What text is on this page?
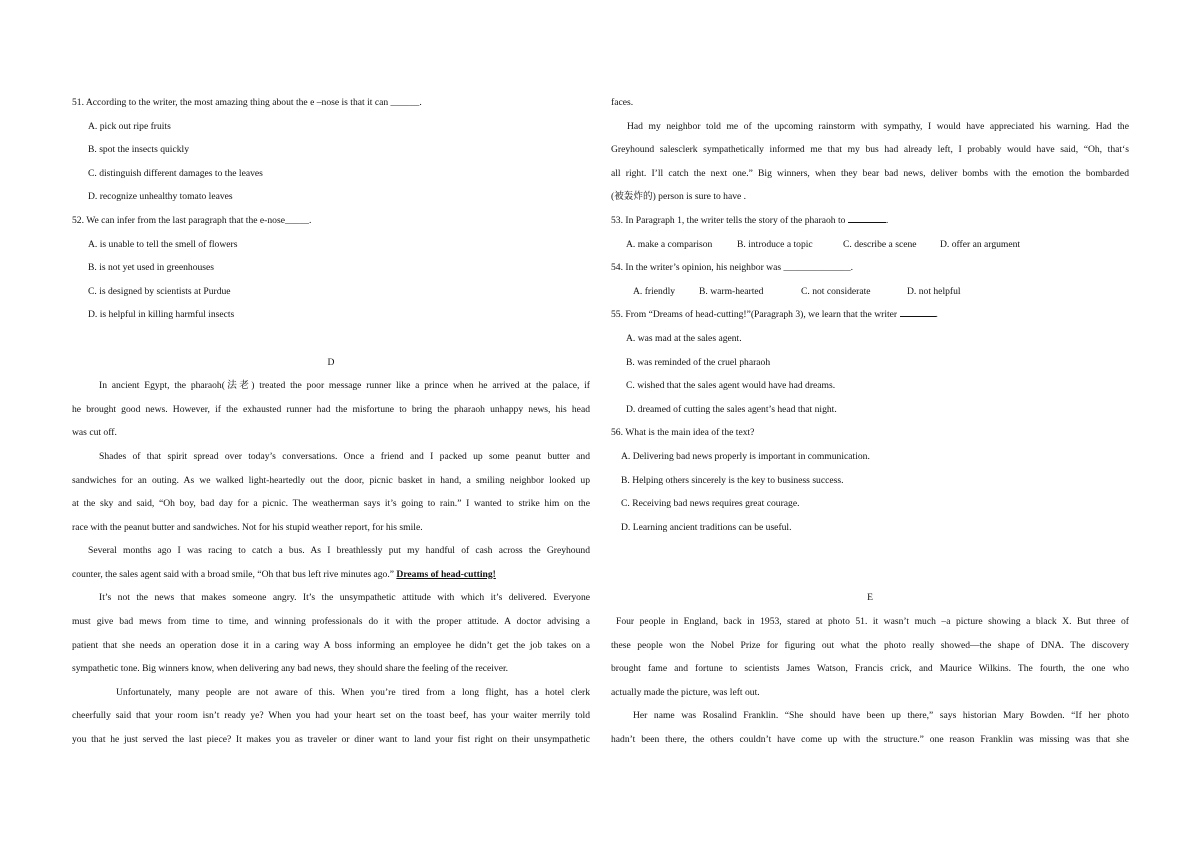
51. According to the writer, the most amazing thing about the e –nose is that it can ______.
A. pick out ripe fruits
B. spot the insects quickly
C. distinguish different damages to the leaves
D. recognize unhealthy tomato leaves
52. We can infer from the last paragraph that the e-nose_____.
A. is unable to tell the smell of flowers
B. is not yet used in greenhouses
C. is designed by scientists at Purdue
D. is helpful in killing harmful insects
D
In ancient Egypt, the pharaoh(法老) treated the poor message runner like a prince when he arrived at the palace, if
he brought good news. However, if the exhausted runner had the misfortune to bring the pharaoh unhappy news, his head
was cut off.
Shades of that spirit spread over today’s conversations. Once a friend and I packed up some peanut butter and
sandwiches for an outing. As we walked light-heartedly out the door, picnic basket in hand, a smiling neighbor looked up
at the sky and said, “Oh boy, bad day for a picnic. The weatherman says it’s going to rain.” I wanted to strike him on the
race with the peanut butter and sandwiches. Not for his stupid weather report, for his smile.
Several months ago I was racing to catch a bus. As I breathlessly put my handful of cash across the Greyhound
counter, the sales agent said with a broad smile, “Oh that bus left rive minutes ago.” Dreams of head-cutting!
It’s not the news that makes someone angry. It’s the unsympathetic attitude with which it’s delivered. Everyone
must give bad mews from time to time, and winning professionals do it with the proper attitude. A doctor advising a
patient that she needs an operation dose it in a caring way A boss informing an employee he didn’t get the job takes on a
sympathetic tone. Big winners know, when delivering any bad news, they should share the feeling of the receiver.
Unfortunately, many people are not aware of this. When you’re tired from a long flight, has a hotel clerk
cheerfully said that your room isn’t ready ye? When you had your heart set on the toast beef, has your waiter merrily told
you that he just served the last piece? It makes you as traveler or diner want to land your fist right on their unsympathetic
faces.
Had my neighbor told me of the upcoming rainstorm with sympathy, I would have appreciated his warning. Had the
Greyhound salesclerk sympathetically informed me that my bus had already left, I probably would have said, “Oh, that‘s
all right. I’ll catch the next one.” Big winners, when they bear bad news, deliver bombs with the emotion the bombarded
(被轰炸的) person is sure to have .
53. In Paragraph 1, the writer tells the story of the pharaoh to	.
A. make a comparison	B. introduce a topic	C. describe a scene D. offer an argument
54. In the writer’s opinion, his neighbor was ______________.
A. friendly B. warm-hearted	C. not considerate	D. not helpful
55. From “Dreams of head-cutting!”(Paragraph 3), we learn that the writer	.
A. was mad at the sales agent.
B. was reminded of the cruel pharaoh
C. wished that the sales agent would have had dreams.
D. dreamed of cutting the sales agent’s head that night.
56. What is the main idea of the text?
A. Delivering bad news properly is important in communication.
B. Helping others sincerely is the key to business success.
C. Receiving bad news requires great courage.
D. Learning ancient traditions can be useful.
E
Four people in England, back in 1953, stared at photo 51. it wasn’t much –a picture showing a black X. But three of
these people won the Nobel Prize for figuring out what the photo really showed—the shape of DNA. The discovery
brought fame and fortune to scientists James Watson, Francis crick, and Maurice Wilkins. The fourth, the one who
actually made the picture, was left out.
Her name was Rosalind Franklin. “She should have been up there,” says historian Mary Bowden. “If her photo
hadn’t been there, the others couldn’t have come up with the structure.” one reason Franklin was missing was that she
